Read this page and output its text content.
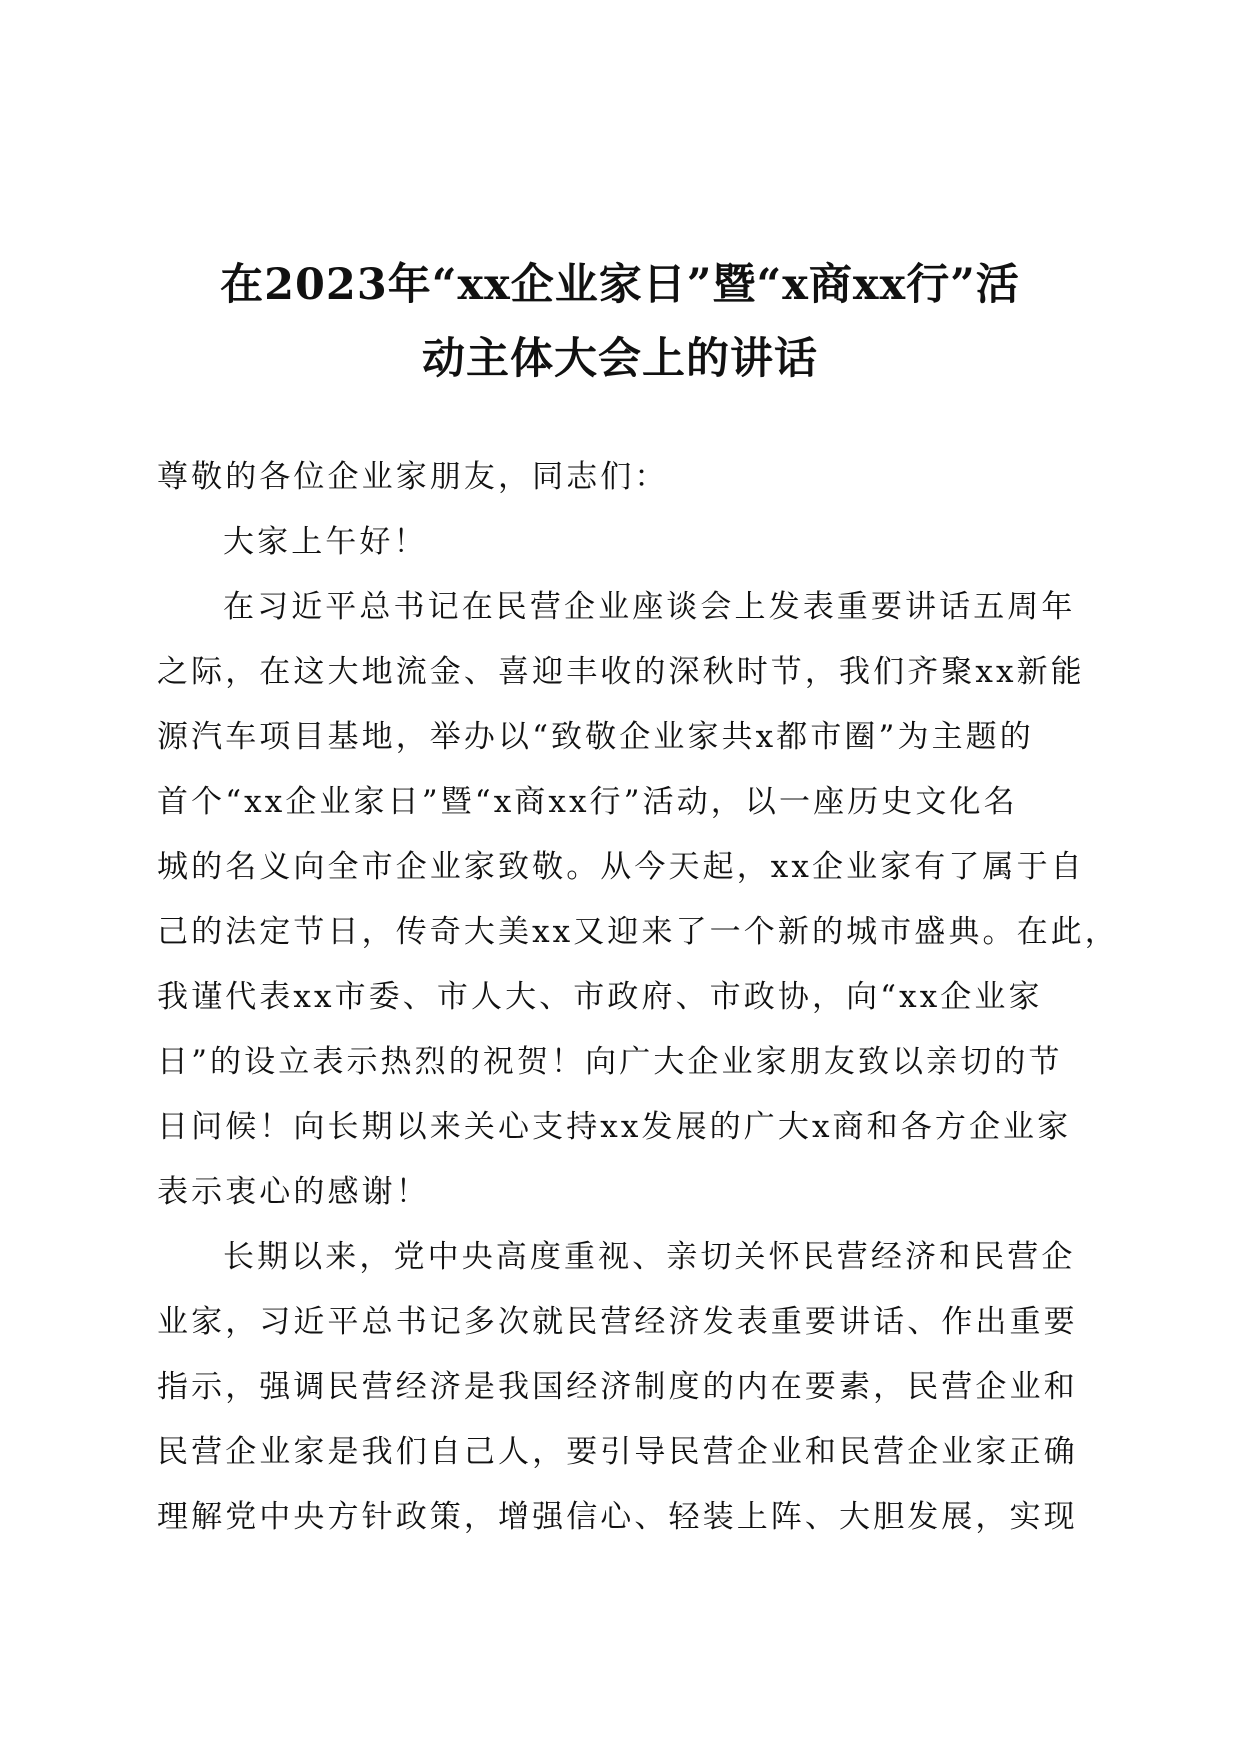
在2023年“xx企业家日”暨“x商xx行”活
动主体大会上的讲话
尊敬的各位企业家朋友，同志们：
大家上午好！
在习近平总书记在民营企业座谈会上发表重要讲话五周年
之际，在这大地流金、喜迎丰收的深秋时节，我们齐聚xx新能
源汽车项目基地，举办以“致敬企业家共x都市圈”为主题的
首个“xx企业家日”暨“x商xx行”活动，以一座历史文化名
城的名义向全市企业家致敬。从今天起，xx企业家有了属于自
己的法定节日，传奇大美xx又迎来了一个新的城市盛典。在此，
我谨代表xx市委、市人大、市政府、市政协，向“xx企业家
日”的设立表示热烈的祝贺！向广大企业家朋友致以亲切的节
日问候！向长期以来关心支持xx发展的广大x商和各方企业家
表示衷心的感谢！
长期以来，党中央高度重视、亲切关怀民营经济和民营企
业家，习近平总书记多次就民营经济发表重要讲话、作出重要
指示，强调民营经济是我国经济制度的内在要素，民营企业和
民营企业家是我们自己人，要引导民营企业和民营企业家正确
理解党中央方针政策，增强信心、轻装上阵、大胆发展，实现
